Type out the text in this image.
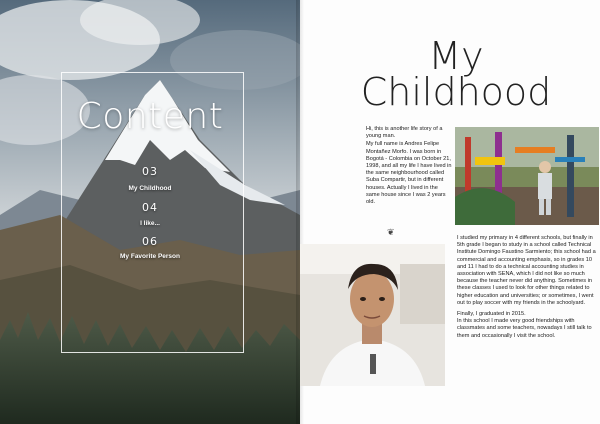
Content
03
My Childhood
04
I like...
06
My Favorite Person
My
Childhood

Hi, this is another life story of a young man.

My full name is Andres Felipe Montañez Morfo. I was born in Bogotá - Colombia on October 21, 1998, and all my life I have lived in the same neighbourhood called Suba Compartir, but in different houses. Actually I lived in the same house since I was 2 years old.

❦	I studied my primary in 4 different schools, but finally in 5th grade I began to study in a school called Technical Institute Domingo Faustino Sarmiento; this school had a commercial and accounting emphasis, so in grades 10 and 11 I had to do a technical accounting studies in association with SENA, which I did not like so much because the teacher never did anything. Sometimes in these classes I used to look for other things related to higher education and universities; or sometimes, I went out to play soccer with my friends in the schoolyard.

Finally, I graduated in 2015.
In this school I made very good friendships with classmates and some teachers, nowadays I still talk to them and occasionally I visit the school.
